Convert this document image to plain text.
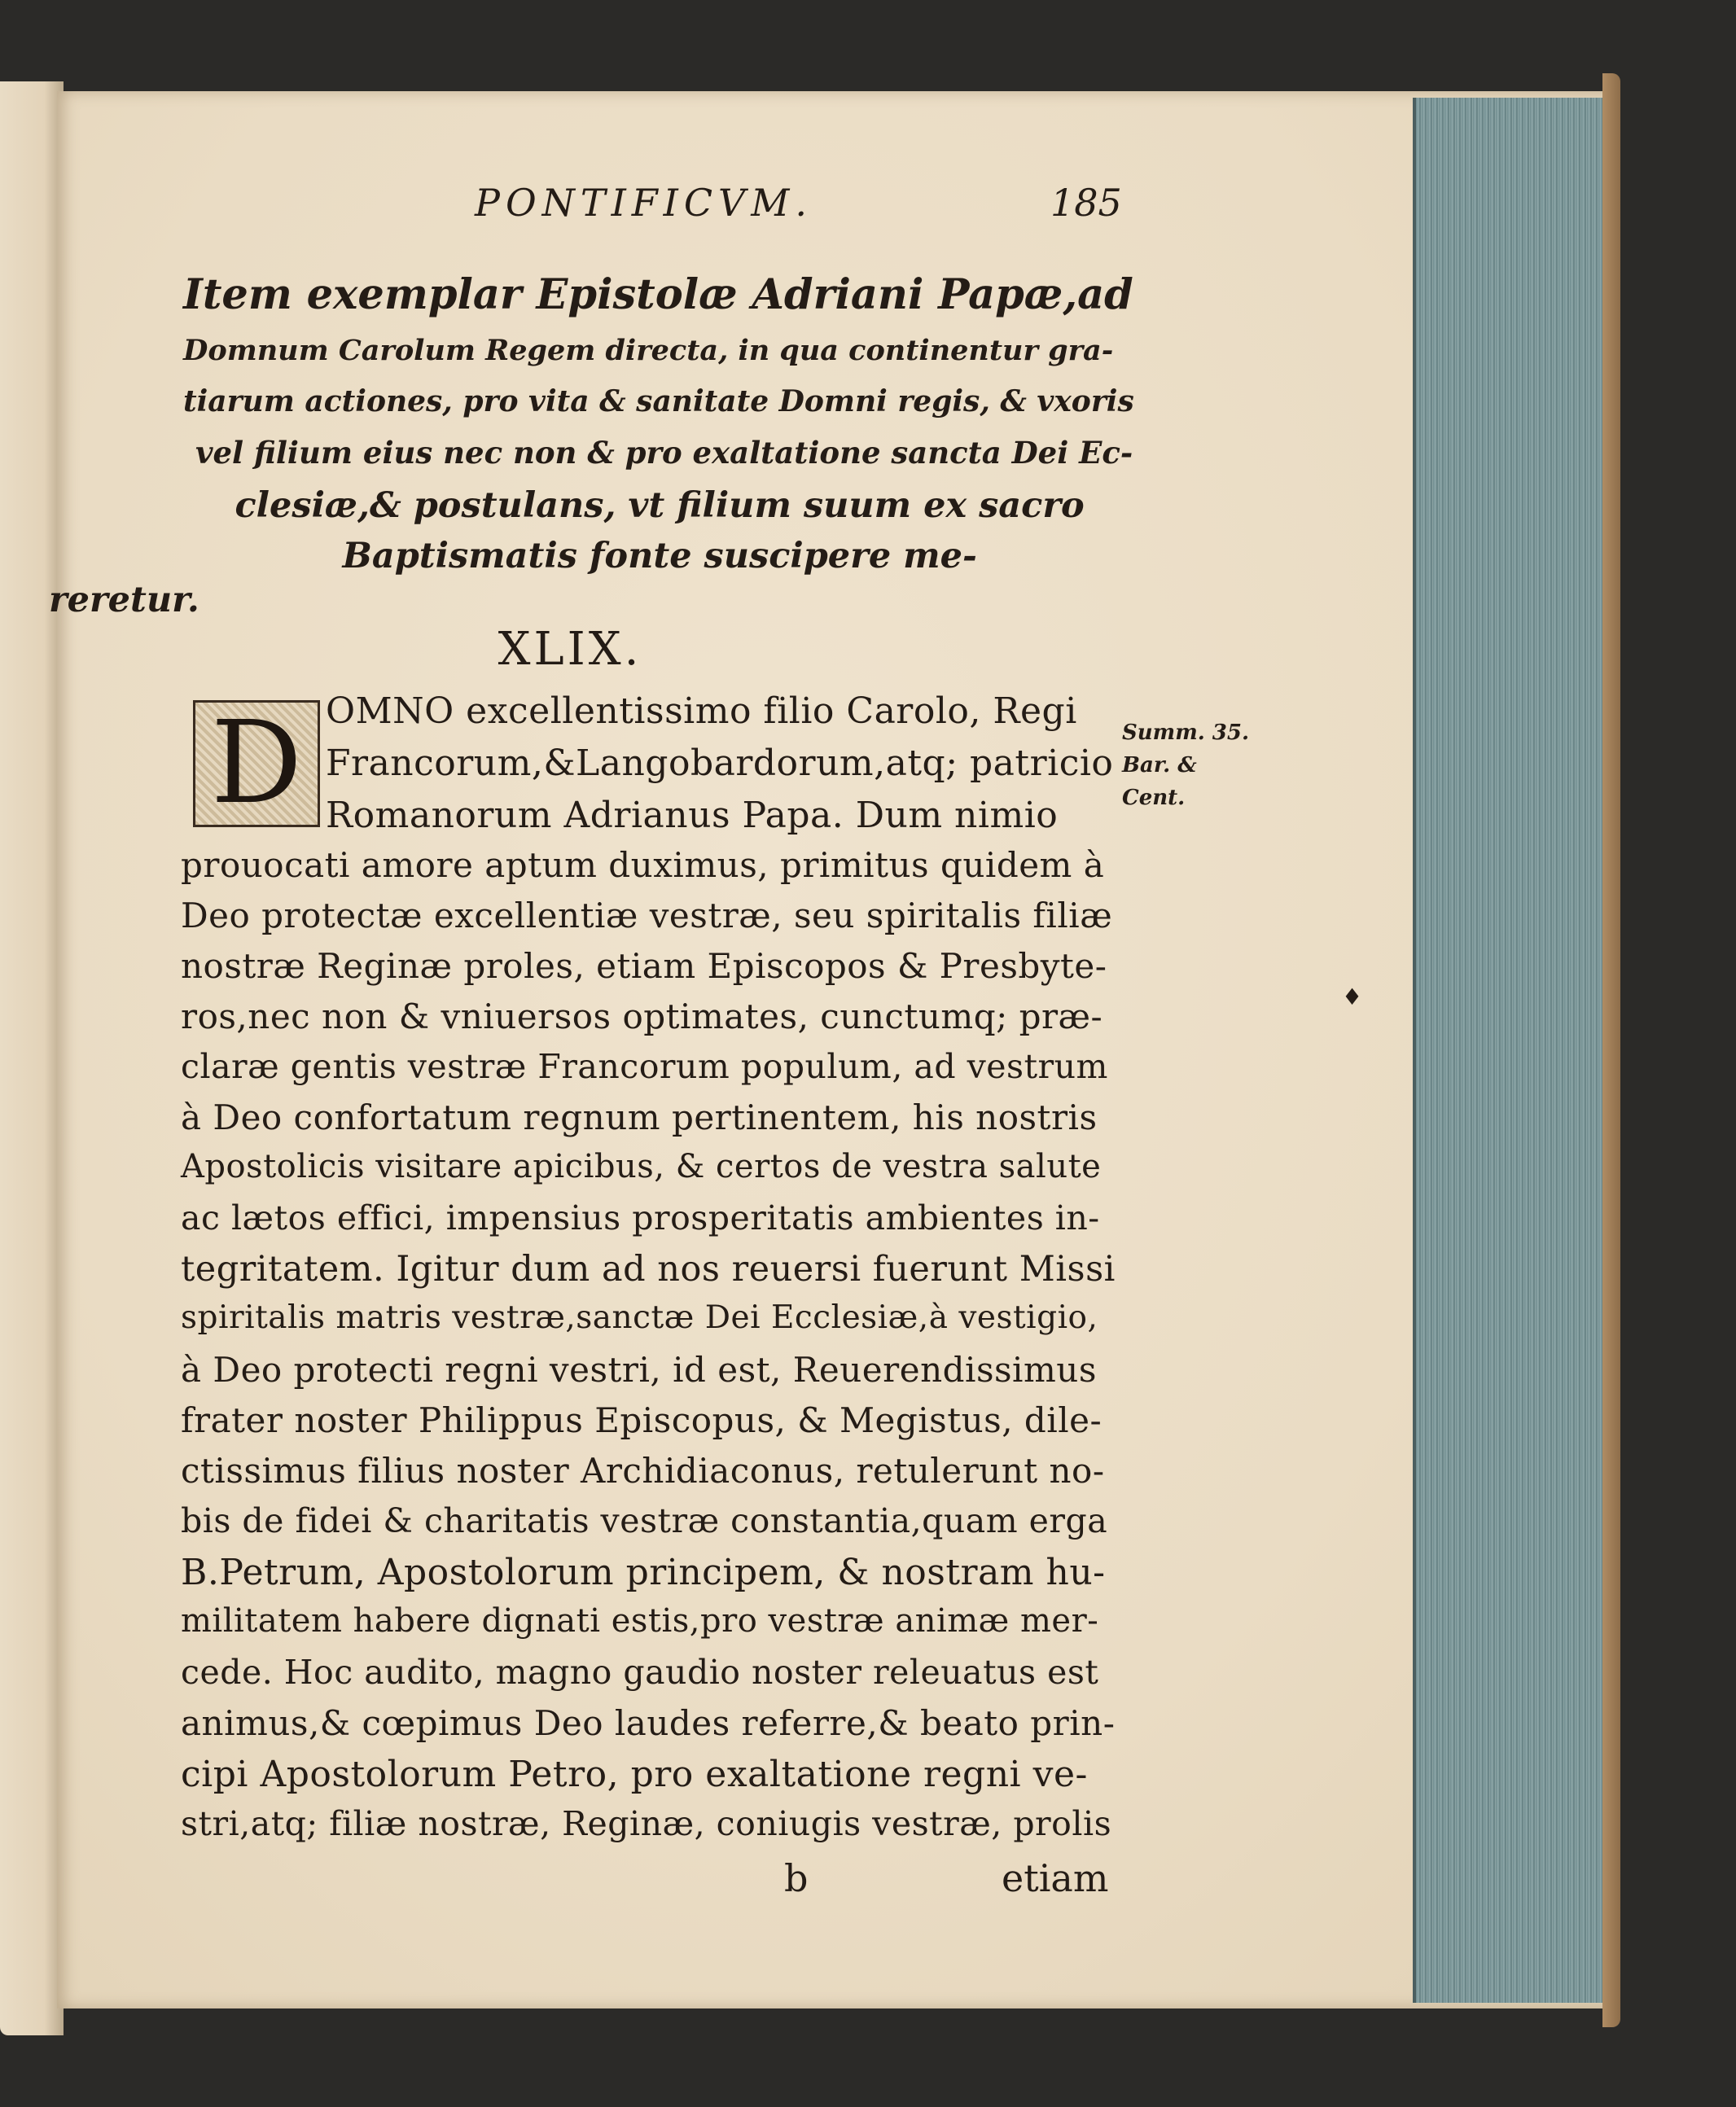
PONTIFICVM.	185
Item exemplar Epistolæ Adriani Papæ,ad
Domnum Carolum Regem directa, in qua continentur gra-
tiarum actiones, pro vita & sanitate Domni regis, & vxoris
vel filium eius nec non & pro exaltatione sancta Dei Ec-
clesiæ,& postulans, vt filium suum ex sacro
Baptismatis fonte suscipere me-
reretur.
XLIX.
D OMNO excellentissimo filio Carolo, Regi
Francorum,&Langobardorum,atq; patricio
Romanorum Adrianus Papa. Dum nimio
prouocati amore aptum duximus, primitus quidem à
Deo protectæ excellentiæ vestræ, seu spiritalis filiæ
nostræ Reginæ proles, etiam Episcopos & Presbyte-
ros,nec non & vniuersos optimates, cunctumq; præ-
claræ gentis vestræ Francorum populum, ad vestrum
à Deo confortatum regnum pertinentem, his nostris
Apostolicis visitare apicibus, & certos de vestra salute
ac lætos effici, impensius prosperitatis ambientes in-
tegritatem. Igitur dum ad nos reuersi fuerunt Missi
spiritalis matris vestræ,sanctæ Dei Ecclesiæ,à vestigio,
à Deo protecti regni vestri, id est, Reuerendissimus
frater noster Philippus Episcopus, & Megistus, dile-
ctissimus filius noster Archidiaconus, retulerunt no-
bis de fidei & charitatis vestræ constantia,quam erga
B.Petrum, Apostolorum principem, & nostram hu-
militatem habere dignati estis,pro vestræ animæ mer-
cede. Hoc audito, magno gaudio noster releuatus est
animus,& cœpimus Deo laudes referre,& beato prin-
cipi Apostolorum Petro, pro exaltatione regni ve-
stri,atq; filiæ nostræ, Reginæ, coniugis vestræ, prolis
Summ. 35.
Bar. &
Cent.
♦
b	etiam
